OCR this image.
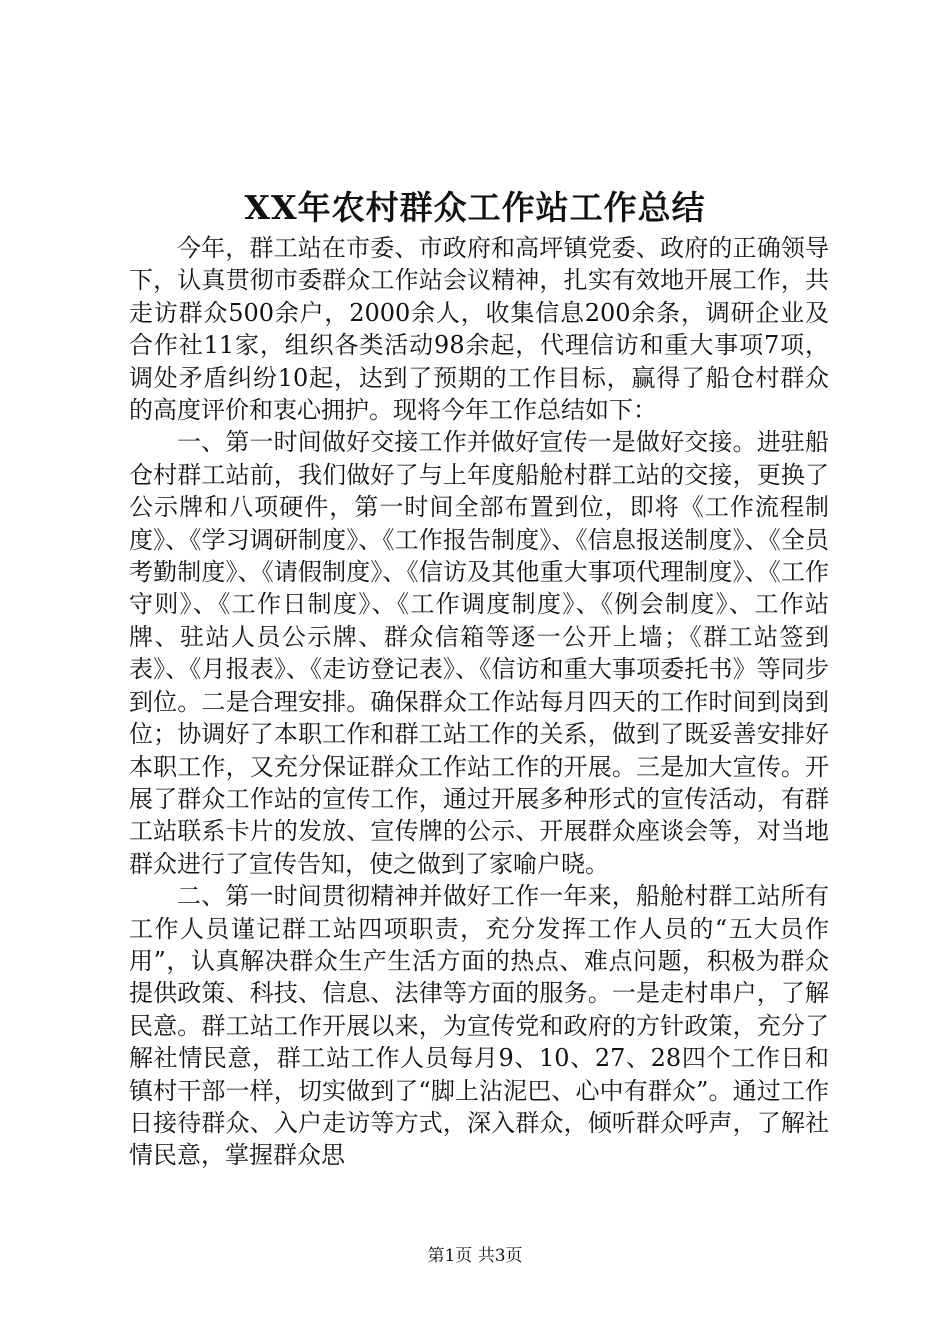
XX年农村群众工作站工作总结

今年，群工站在市委、市政府和高坪镇党委、政府的正确领导下，认真贯彻市委群众工作站会议精神，扎实有效地开展工作，共走访群众500余户，2000余人，收集信息200余条，调研企业及合作社11家，组织各类活动98余起，代理信访和重大事项7项，调处矛盾纠纷10起，达到了预期的工作目标，赢得了船仓村群众的高度评价和衷心拥护。现将今年工作总结如下：

一、第一时间做好交接工作并做好宣传一是做好交接。进驻船仓村群工站前，我们做好了与上年度船舱村群工站的交接，更换了公示牌和八项硬件，第一时间全部布置到位，即将《工作流程制度》、《学习调研制度》、《工作报告制度》、《信息报送制度》、《全员考勤制度》、《请假制度》、《信访及其他重大事项代理制度》、《工作守则》、《工作日制度》、《工作调度制度》、《例会制度》、工作站牌、驻站人员公示牌、群众信箱等逐一公开上墙；《群工站签到表》、《月报表》、《走访登记表》、《信访和重大事项委托书》等同步到位。二是合理安排。确保群众工作站每月四天的工作时间到岗到位；协调好了本职工作和群工站工作的关系，做到了既妥善安排好本职工作，又充分保证群众工作站工作的开展。三是加大宣传。开展了群众工作站的宣传工作，通过开展多种形式的宣传活动，有群工站联系卡片的发放、宣传牌的公示、开展群众座谈会等，对当地群众进行了宣传告知，使之做到了家喻户晓。

二、第一时间贯彻精神并做好工作一年来，船舱村群工站所有工作人员谨记群工站四项职责，充分发挥工作人员的“五大员作用”，认真解决群众生产生活方面的热点、难点问题，积极为群众提供政策、科技、信息、法律等方面的服务。一是走村串户，了解民意。群工站工作开展以来，为宣传党和政府的方针政策，充分了解社情民意，群工站工作人员每月9、10、27、28四个工作日和镇村干部一样，切实做到了“脚上沾泥巴、心中有群众”。通过工作日接待群众、入户走访等方式，深入群众，倾听群众呼声，了解社情民意，掌握群众思

第1页 共3页
